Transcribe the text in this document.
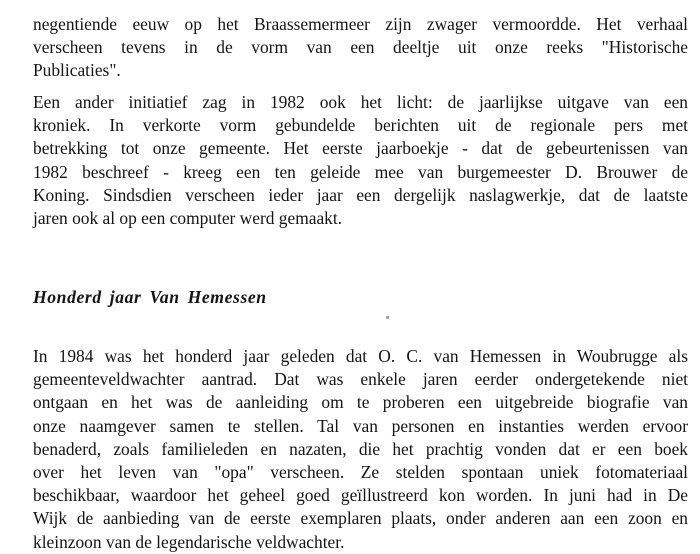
negentiende eeuw op het Braassemermeer zijn zwager vermoordde. Het verhaal
verscheen tevens in de vorm van een deeltje uit onze reeks "Historische
Publicaties".
Een ander initiatief zag in 1982 ook het licht: de jaarlijkse uitgave van een
kroniek. In verkorte vorm gebundelde berichten uit de regionale pers met
betrekking tot onze gemeente. Het eerste jaarboekje - dat de gebeurtenissen van
1982 beschreef - kreeg een ten geleide mee van burgemeester D. Brouwer de
Koning. Sindsdien verscheen ieder jaar een dergelijk naslagwerkje, dat de laatste
jaren ook al op een computer werd gemaakt.
Honderd jaar Van Hemessen
In 1984 was het honderd jaar geleden dat O. C. van Hemessen in Woubrugge als
gemeenteveldwachter aantrad. Dat was enkele jaren eerder ondergetekende niet
ontgaan en het was de aanleiding om te proberen een uitgebreide biografie van
onze naamgever samen te stellen. Tal van personen en instanties werden ervoor
benaderd, zoals familieleden en nazaten, die het prachtig vonden dat er een boek
over het leven van "opa" verscheen. Ze stelden spontaan uniek fotomateriaal
beschikbaar, waardoor het geheel goed geïllustreerd kon worden. In juni had in De
Wijk de aanbieding van de eerste exemplaren plaats, onder anderen aan een zoon en
kleinzoon van de legendarische veldwachter.
